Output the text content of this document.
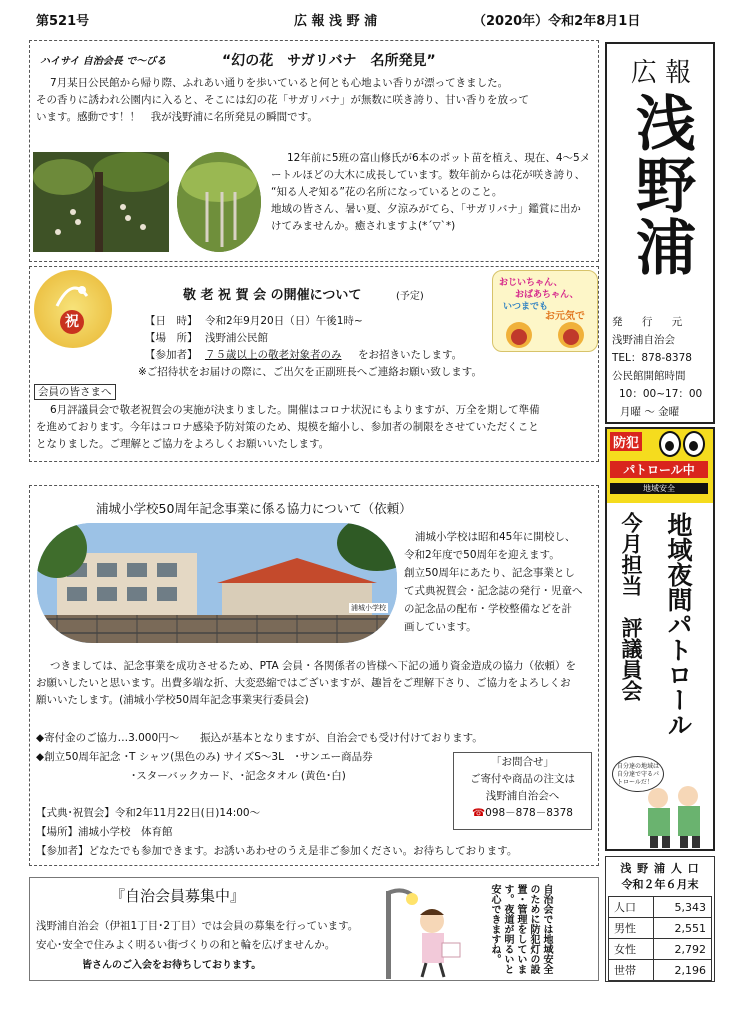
第521号	広 報 浅 野 浦	（2020年）令和2年8月1日
ハイサイ 自治会長 で～びる	“幻の花　サガリバナ　名所発見”
7月某日公民館から帰り際、ふれあい通りを歩いていると何とも心地よい香りが漂ってきました。
その香りに誘われ公園内に入ると、そこには幻の花「サガリバナ」が無数に咲き誇り、甘い香りを放って
います。感動です！！　我が浅野浦に名所発見の瞬間です。
12年前に5班の富山修氏が6本のポット苗を植え、現在、4～5メ
ートルほどの大木に成長しています。数年前からは花が咲き誇り、
“知る人ぞ知る”花の名所になっているとのこと。
地域の皆さん、暑い夏、夕涼みがてら、「サガリバナ」鑑賞に出か
けてみませんか。癒されますよ(*´▽`*)
祝
敬 老 祝 賀 会 の開催について	(予定)
【日　時】 令和2年9月20日（日）午後1時~
【場　所】 浅野浦公民館
【参加者】 ７５歳以上の敬老対象者のみ をお招きいたします。
※ご招待状をお届けの際に、ご出欠を正副班長へご連絡お願い致します。
おじいちゃん、
おばあちゃん、
いつまでも
お元気で
会員の皆さまへ
6月評議員会で敬老祝賀会の実施が決まりました。開催はコロナ状況にもよりますが、万全を期して準備
を進めております。今年はコロナ感染予防対策のため、規模を縮小し、参加者の制限をさせていただくこと
となりました。ご理解とご協力をよろしくお願いいたします。
浦城小学校50周年記念事業に係る協力について（依頼）
浦城小学校
浦城小学校は昭和45年に開校し、
令和2年度で50周年を迎えます。
創立50周年にあたり、記念事業とし
て式典祝賀会・記念誌の発行・児童へ
の記念品の配布・学校整備などを計
画しています。
つきましては、記念事業を成功させるため、PTA 会員・各関係者の皆様へ下記の通り資金造成の協力（依頼）を
お願いしたいと思います。出費多端な折、大変恐縮ではございますが、趣旨をご理解下さり、ご協力をよろしくお
願いいたします。(浦城小学校50周年記念事業実行委員会)
◆寄付金のご協力…3.000円～　　振込が基本となりますが、自治会でも受け付けております。
◆創立50周年記念 ･T シャツ(黒色のみ) サイズS～3L　･サンエー商品券
･スターバックカード、･記念タオル (黄色･白)
｢お問合せ｣
ご寄付や商品の注文は
浅野浦自治会へ
☎098－878－8378
【式典･祝賀会】令和2年11月22日(日)14:00～
【場所】浦城小学校　体育館
【参加者】どなたでも参加できます。お誘いあわせのうえ是非ご参加ください。お待ちしております。
『自治会員募集中』
浅野浦自治会（伊祖1丁目･2丁目）では会員の募集を行っています。
安心･安全で住みよく明るい街づくりの和と輪を広げませんか。
皆さんのご入会をお待ちしております。	自治会では地域安全のために防犯灯の設置・管理をしています。夜道が明るいと安心できますね。
広 報
浅野浦
発 行 元
浅野浦自治会
TEL：878-8378
公民館開館時間
10：00~17：00
月曜 ～ 金曜
防犯
パトロール中
地域安全
地域夜間パトロール
今月担当　評議員会
自分達の地域は自分達で守るパトロールだ！
浅 野 浦 人 口
令和２年６月末
人口	5,343
男性	2,551
女性	2,792
世帯	2,196
